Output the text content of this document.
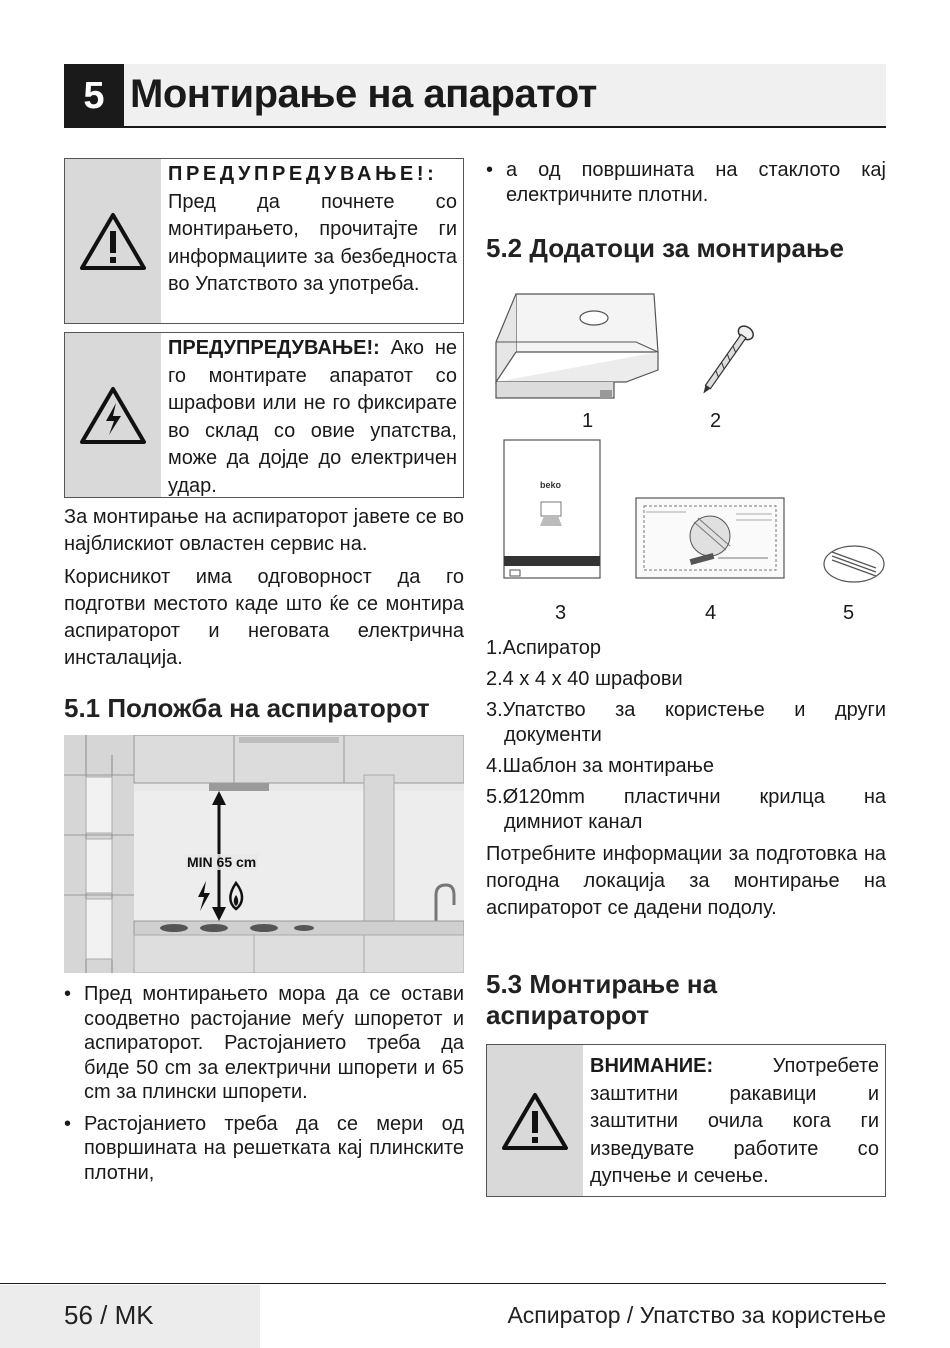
5 Монтирање на апаратот
ПРЕДУПРЕДУВАЊЕ!:
Пред да почнете со монтирањето, прочитајте ги информациите за безбедноста во Упатството за употреба.
ПРЕДУПРЕДУВАЊЕ!: Ако не го монтирате апаратот со шрафови или не го фиксирате во склад со овие упатства, може да дојде до електричен удар.
За монтирање на аспираторот јавете се во најблискиот овластен сервис на.
Корисникот има одговорност да го подготви местото каде што ќе се монтира аспираторот и неговата електрична инсталација.
5.1 Положба на аспираторот
MIN 65 cm
• Пред монтирањето мора да се остави соодветно растојание меѓу шпоретот и аспираторот. Растојанието треба да биде 50 cm за електрични шпорети и 65 cm за плински шпорети.
• Растојанието треба да се мери од површината на решетката кај плинските плотни,
• а од површината на стаклото кај електричните плотни.
5.2 Додатоци за монтирање
beko
1	2
3	4	5
1.Аспиратор
2.4 x 4 x 40 шрафови
3.Упатство за користење и други
документи
4.Шаблон за монтирање
5.Ø120mm пластични крилца на
димниот канал
Потребните информации за подготовка на погодна локација за монтирање на аспираторот се дадени подолу.
5.3 Монтирање на
аспираторот
ВНИМАНИЕ:	Употребете заштитни ракавици и заштитни очила кога ги изведувате работите со дупчење и сечење.
56 / MK	Аспиратор / Упатство за користење
